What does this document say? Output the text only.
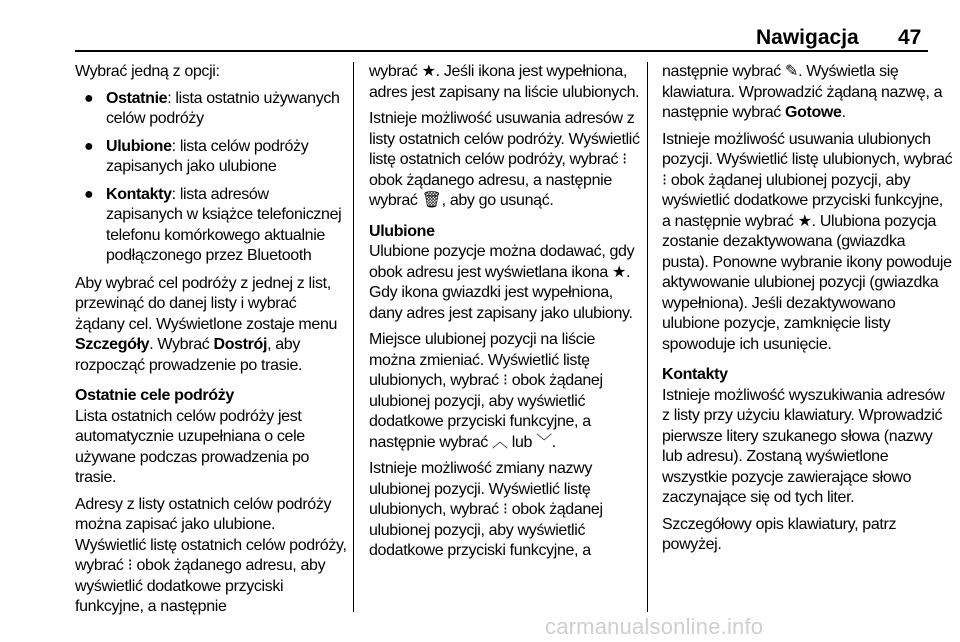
Nawigacja 47

Wybrać jedną z opcji:

● Ostatnie: lista ostatnio używanych celów podróży
● Ulubione: lista celów podróży zapisanych jako ulubione
● Kontakty: lista adresów zapisanych w książce telefonicznej telefonu komórkowego aktualnie podłączonego przez Bluetooth

Aby wybrać cel podróży z jednej z list, przewinąć do danej listy i wybrać żądany cel. Wyświetlone zostaje menu Szczegóły. Wybrać Dostrój, aby rozpocząć prowadzenie po trasie.

Ostatnie cele podróży

Lista ostatnich celów podróży jest automatycznie uzupełniana o cele używane podczas prowadzenia po trasie.

Adresy z listy ostatnich celów podróży można zapisać jako ulubione. Wyświetlić listę ostatnich celów podróży, wybrać ⁝ obok żądanego adresu, aby wyświetlić dodatkowe przyciski funkcyjne, a następnie

wybrać ★. Jeśli ikona jest wypełniona, adres jest zapisany na liście ulubionych.

Istnieje możliwość usuwania adresów z listy ostatnich celów podróży. Wyświetlić listę ostatnich celów podróży, wybrać ⁝ obok żądanego adresu, a następnie wybrać 🗑, aby go usunąć.

Ulubione

Ulubione pozycje można dodawać, gdy obok adresu jest wyświetlana ikona ★. Gdy ikona gwiazdki jest wypełniona, dany adres jest zapisany jako ulubiony.

Miejsce ulubionej pozycji na liście można zmieniać. Wyświetlić listę ulubionych, wybrać ⁝ obok żądanej ulubionej pozycji, aby wyświetlić dodatkowe przyciski funkcyjne, a następnie wybrać ︿ lub ﹀.

Istnieje możliwość zmiany nazwy ulubionej pozycji. Wyświetlić listę ulubionych, wybrać ⁝ obok żądanej ulubionej pozycji, aby wyświetlić dodatkowe przyciski funkcyjne, a

następnie wybrać ✎. Wyświetla się klawiatura. Wprowadzić żądaną nazwę, a następnie wybrać Gotowe.

Istnieje możliwość usuwania ulubionych pozycji. Wyświetlić listę ulubionych, wybrać ⁝ obok żądanej ulubionej pozycji, aby wyświetlić dodatkowe przyciski funkcyjne, a następnie wybrać ★. Ulubiona pozycja zostanie dezaktywowana (gwiazdka pusta). Ponowne wybranie ikony powoduje aktywowanie ulubionej pozycji (gwiazdka wypełniona). Jeśli dezaktywowano ulubione pozycje, zamknięcie listy spowoduje ich usunięcie.

Kontakty

Istnieje możliwość wyszukiwania adresów z listy przy użyciu klawiatury. Wprowadzić pierwsze litery szukanego słowa (nazwy lub adresu). Zostaną wyświetlone wszystkie pozycje zawierające słowo zaczynające się od tych liter.

Szczegółowy opis klawiatury, patrz powyżej.

carmanualsonline.info
